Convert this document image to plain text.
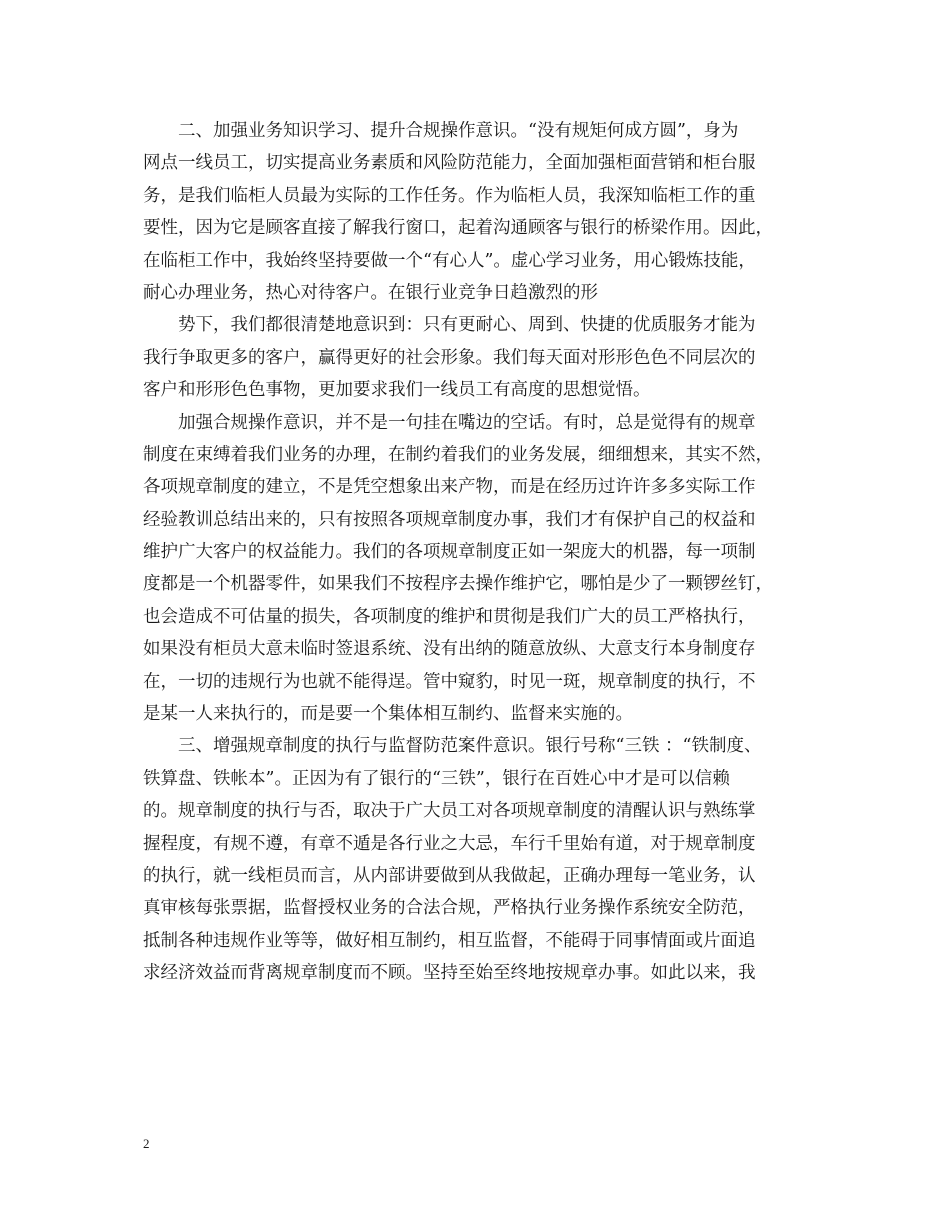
二、加强业务知识学习、提升合规操作意识。“没有规矩何成方圆”，身为
网点一线员工，切实提高业务素质和风险防范能力，全面加强柜面营销和柜台服
务，是我们临柜人员最为实际的工作任务。作为临柜人员，我深知临柜工作的重
要性，因为它是顾客直接了解我行窗口，起着沟通顾客与银行的桥梁作用。因此，
在临柜工作中，我始终坚持要做一个“有心人”。虚心学习业务，用心锻炼技能，
耐心办理业务，热心对待客户。在银行业竞争日趋激烈的形
势下，我们都很清楚地意识到：只有更耐心、周到、快捷的优质服务才能为
我行争取更多的客户，赢得更好的社会形象。我们每天面对形形色色不同层次的
客户和形形色色事物，更加要求我们一线员工有高度的思想觉悟。
加强合规操作意识，并不是一句挂在嘴边的空话。有时，总是觉得有的规章
制度在束缚着我们业务的办理，在制约着我们的业务发展，细细想来，其实不然，
各项规章制度的建立，不是凭空想象出来产物，而是在经历过许许多多实际工作
经验教训总结出来的，只有按照各项规章制度办事，我们才有保护自己的权益和
维护广大客户的权益能力。我们的各项规章制度正如一架庞大的机器，每一项制
度都是一个机器零件，如果我们不按程序去操作维护它，哪怕是少了一颗锣丝钉，
也会造成不可估量的损失，各项制度的维护和贯彻是我们广大的员工严格执行，
如果没有柜员大意未临时签退系统、没有出纳的随意放纵、大意支行本身制度存
在，一切的违规行为也就不能得逞。管中窥豹，时见一斑，规章制度的执行，不
是某一人来执行的，而是要一个集体相互制约、监督来实施的。
三、增强规章制度的执行与监督防范案件意识。银行号称“三铁 ：“铁制度、
铁算盘、铁帐本”。正因为有了银行的“三铁”，银行在百姓心中才是可以信赖
的。规章制度的执行与否，取决于广大员工对各项规章制度的清醒认识与熟练掌
握程度，有规不遵，有章不遁是各行业之大忌，车行千里始有道，对于规章制度
的执行，就一线柜员而言，从内部讲要做到从我做起，正确办理每一笔业务，认
真审核每张票据，监督授权业务的合法合规，严格执行业务操作系统安全防范，
抵制各种违规作业等等，做好相互制约，相互监督，不能碍于同事情面或片面追
求经济效益而背离规章制度而不顾。坚持至始至终地按规章办事。如此以来，我
2
